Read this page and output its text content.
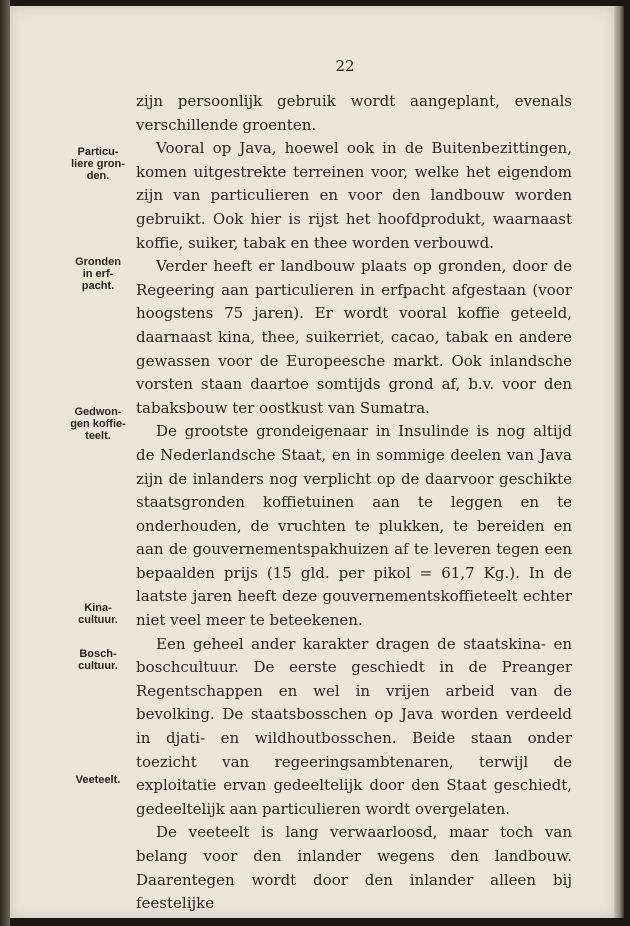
22

zijn persoonlijk gebruik wordt aangeplant, evenals verschillende groenten.

Vooral op Java, hoewel ook in de Buitenbezittingen, komen uitgestrekte terreinen voor, welke het eigendom zijn van particulieren en voor den landbouw worden gebruikt. Ook hier is rijst het hoofdprodukt, waarnaast koffie, suiker, tabak en thee worden verbouwd.

Verder heeft er landbouw plaats op gronden, door de Regeering aan particulieren in erfpacht afgestaan (voor hoogstens 75 jaren). Er wordt vooral koffie geteeld, daarnaast kina, thee, suikerriet, cacao, tabak en andere gewassen voor de Europeesche markt. Ook inlandsche vorsten staan daartoe somtijds grond af, b.v. voor den tabaksbouw ter oostkust van Sumatra.

De grootste grondeigenaar in Insulinde is nog altijd de Nederlandsche Staat, en in sommige deelen van Java zijn de inlanders nog verplicht op de daarvoor geschikte staatsgronden koffietuinen aan te leggen en te onderhouden, de vruchten te plukken, te bereiden en aan de gouvernementspakhuizen af te leveren tegen een bepaalden prijs (15 gld. per pikol = 61,7 Kg.). In de laatste jaren heeft deze gouvernementskoffieteelt echter niet veel meer te beteekenen.

Een geheel ander karakter dragen de staatskina- en boschcultuur. De eerste geschiedt in de Preanger Regentschappen en wel in vrijen arbeid van de bevolking. De staatsbosschen op Java worden verdeeld in djati- en wildhoutbosschen. Beide staan onder toezicht van regeeringsambtenaren, terwijl de exploitatie ervan gedeeltelijk door den Staat geschiedt, gedeeltelijk aan particulieren wordt overgelaten.

De veeteelt is lang verwaarloosd, maar toch van belang voor den inlander wegens den landbouw. Daarentegen wordt door den inlander alleen bij feestelijke

Particu-
liere gron-
den.
Gronden
in erf-
pacht.
Gedwon-
gen koffie-
teelt.
Kina-
cultuur.
Bosch-
cultuur.
Veeteelt.
